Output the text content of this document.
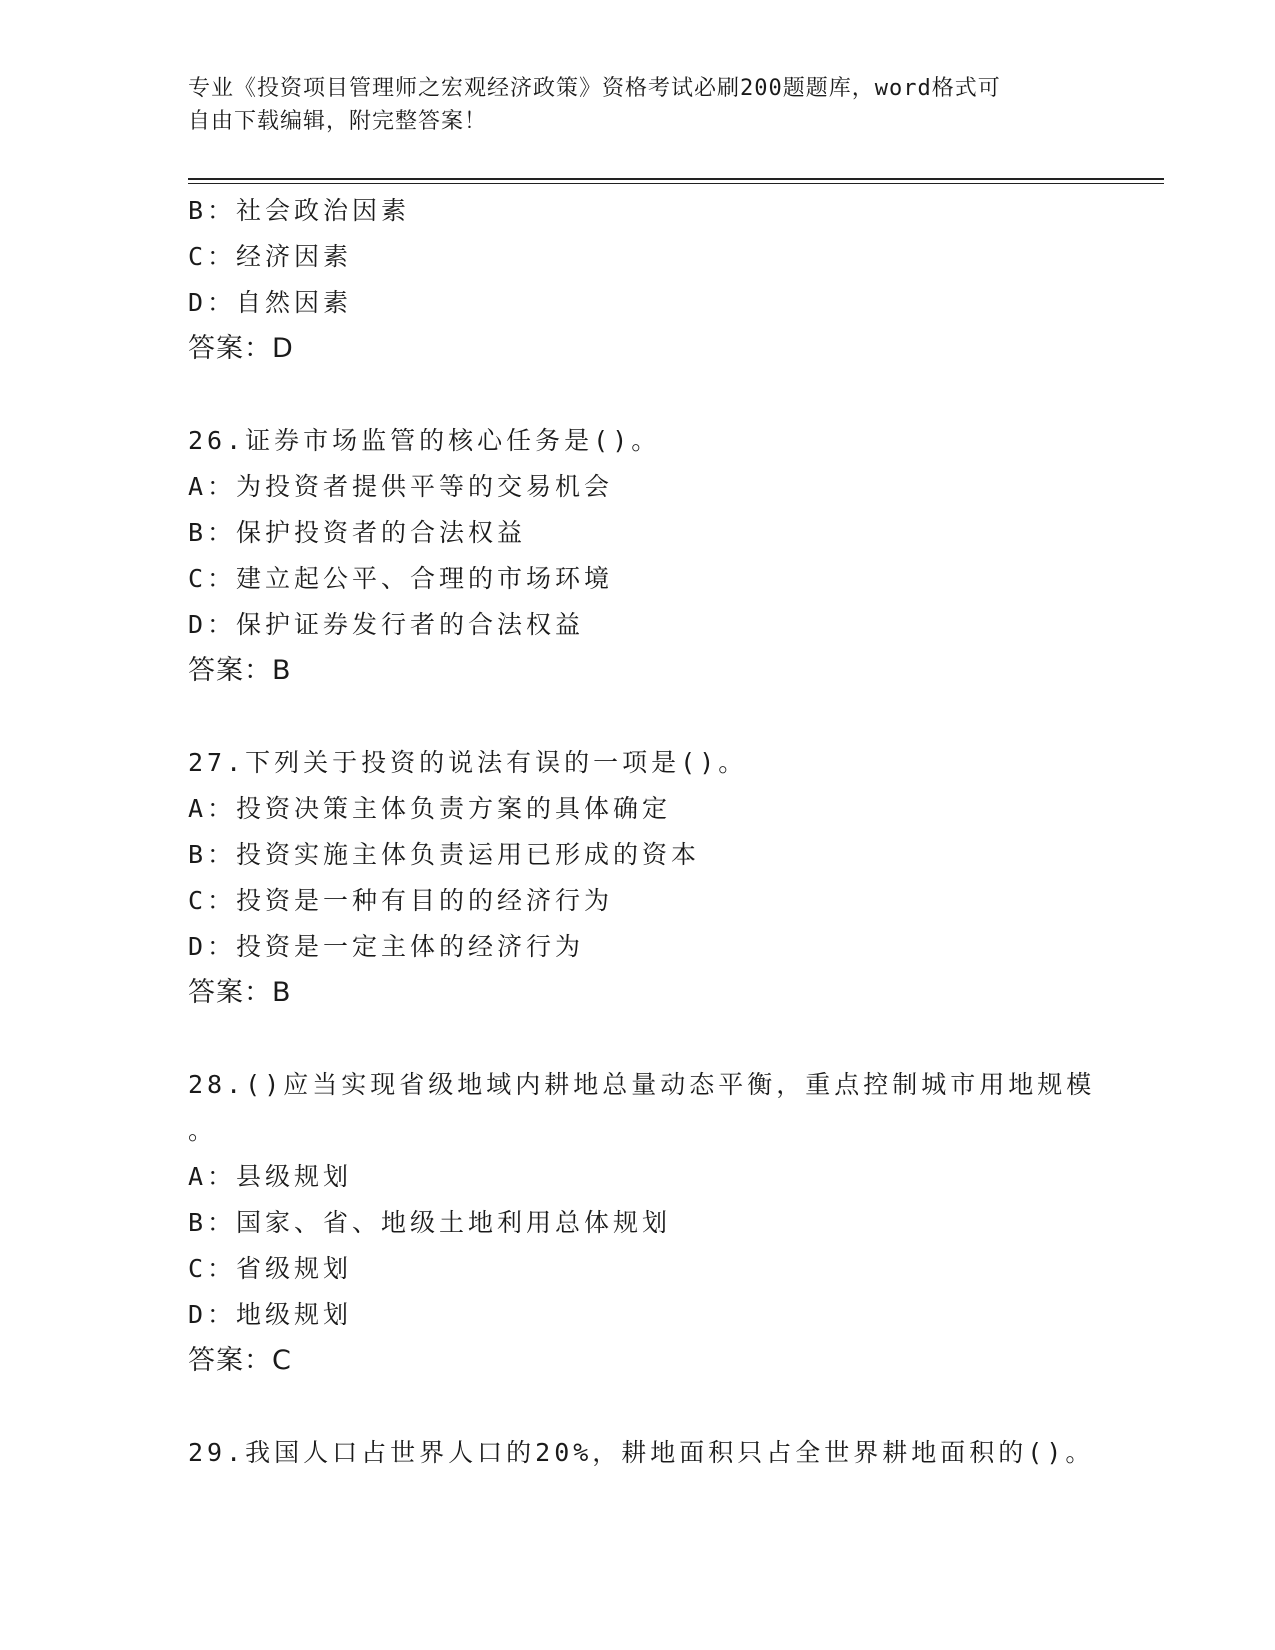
专业《投资项目管理师之宏观经济政策》资格考试必刷200题题库，word格式可
自由下载编辑，附完整答案！
B：社会政治因素
C：经济因素
D：自然因素
答案：D
26.证券市场监管的核心任务是()。
A：为投资者提供平等的交易机会
B：保护投资者的合法权益
C：建立起公平、合理的市场环境
D：保护证券发行者的合法权益
答案：B
27.下列关于投资的说法有误的一项是()。
A：投资决策主体负责方案的具体确定
B：投资实施主体负责运用已形成的资本
C：投资是一种有目的的经济行为
D：投资是一定主体的经济行为
答案：B
28.()应当实现省级地域内耕地总量动态平衡，重点控制城市用地规模
。
A：县级规划
B：国家、省、地级土地利用总体规划
C：省级规划
D：地级规划
答案：C
29.我国人口占世界人口的20%，耕地面积只占全世界耕地面积的()。
